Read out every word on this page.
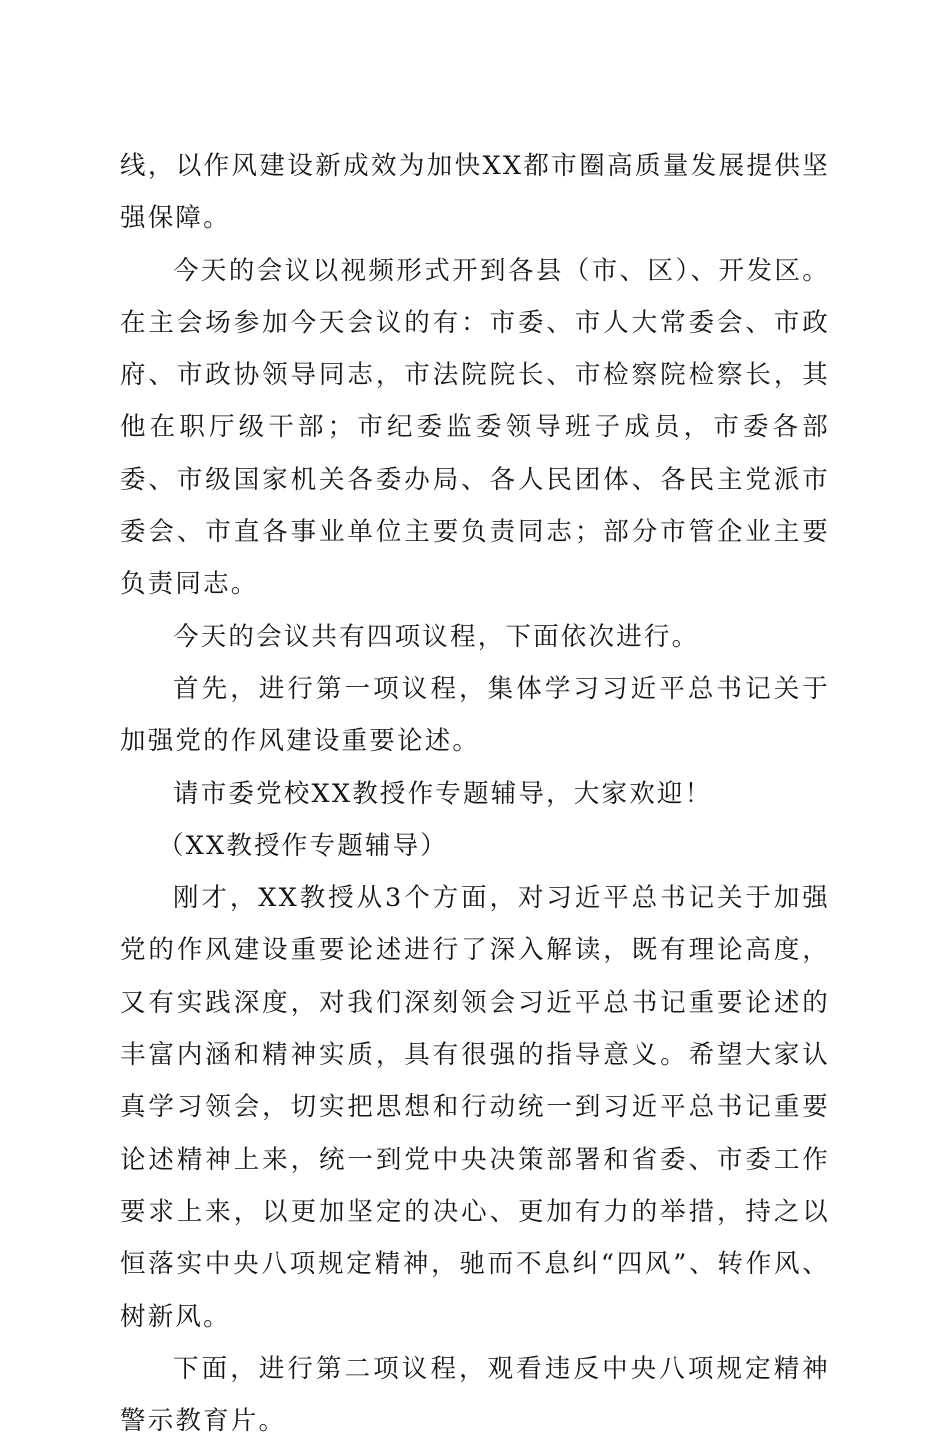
线，以作风建设新成效为加快XX都市圈高质量发展提供坚强保障。

今天的会议以视频形式开到各县（市、区）、开发区。在主会场参加今天会议的有：市委、市人大常委会、市政府、市政协领导同志，市法院院长、市检察院检察长，其他在职厅级干部；市纪委监委领导班子成员，市委各部委、市级国家机关各委办局、各人民团体、各民主党派市委会、市直各事业单位主要负责同志；部分市管企业主要负责同志。

今天的会议共有四项议程，下面依次进行。

首先，进行第一项议程，集体学习习近平总书记关于加强党的作风建设重要论述。

请市委党校XX教授作专题辅导，大家欢迎！

（XX教授作专题辅导）

刚才，XX教授从3个方面，对习近平总书记关于加强党的作风建设重要论述进行了深入解读，既有理论高度，又有实践深度，对我们深刻领会习近平总书记重要论述的丰富内涵和精神实质，具有很强的指导意义。希望大家认真学习领会，切实把思想和行动统一到习近平总书记重要论述精神上来，统一到党中央决策部署和省委、市委工作要求上来，以更加坚定的决心、更加有力的举措，持之以恒落实中央八项规定精神，驰而不息纠“四风”、转作风、树新风。

下面，进行第二项议程，观看违反中央八项规定精神警示教育片。
